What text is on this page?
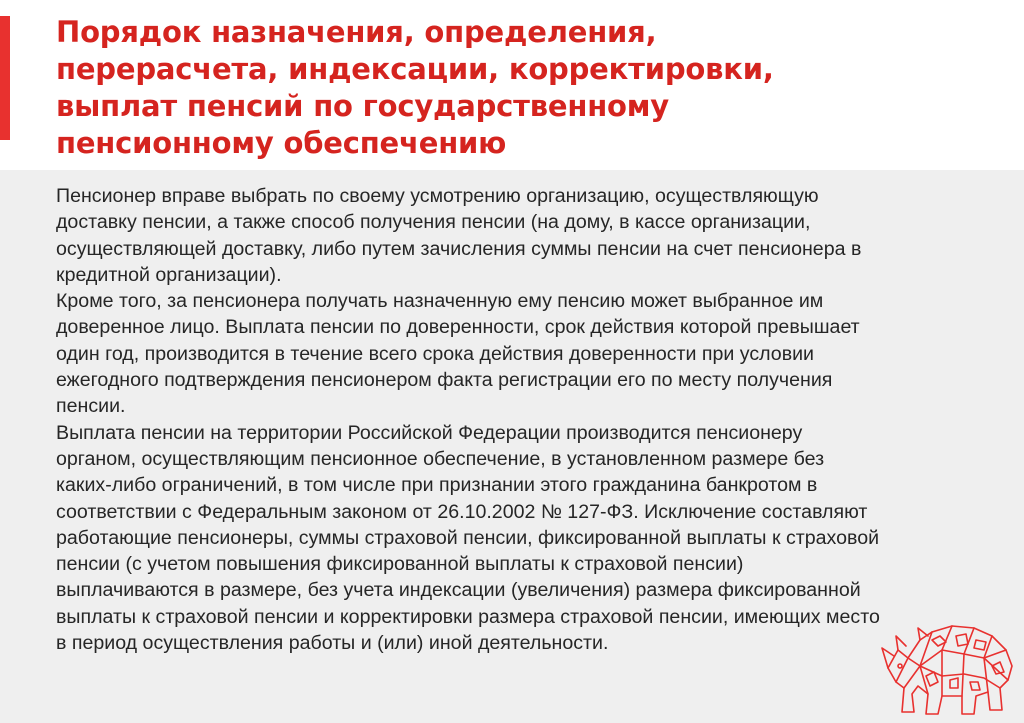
Порядок назначения, определения,
перерасчета, индексации, корректировки,
выплат пенсий по государственному
пенсионному обеспечению
Пенсионер вправе выбрать по своему усмотрению организацию, осуществляющую
доставку пенсии, а также способ получения пенсии (на дому, в кассе организации,
осуществляющей доставку, либо путем зачисления суммы пенсии на счет пенсионера в
кредитной организации).
Кроме того, за пенсионера получать назначенную ему пенсию может выбранное им
доверенное лицо. Выплата пенсии по доверенности, срок действия которой превышает
один год, производится в течение всего срока действия доверенности при условии
ежегодного подтверждения пенсионером факта регистрации его по месту получения
пенсии.
Выплата пенсии на территории Российской Федерации производится пенсионеру
органом, осуществляющим пенсионное обеспечение, в установленном размере без
каких-либо ограничений, в том числе при признании этого гражданина банкротом в
соответствии с Федеральным законом от 26.10.2002 № 127-ФЗ. Исключение составляют
работающие пенсионеры, суммы страховой пенсии, фиксированной выплаты к страховой
пенсии (с учетом повышения фиксированной выплаты к страховой пенсии)
выплачиваются в размере, без учета индексации (увеличения) размера фиксированной
выплаты к страховой пенсии и корректировки размера страховой пенсии, имеющих место
в период осуществления работы и (или) иной деятельности.
